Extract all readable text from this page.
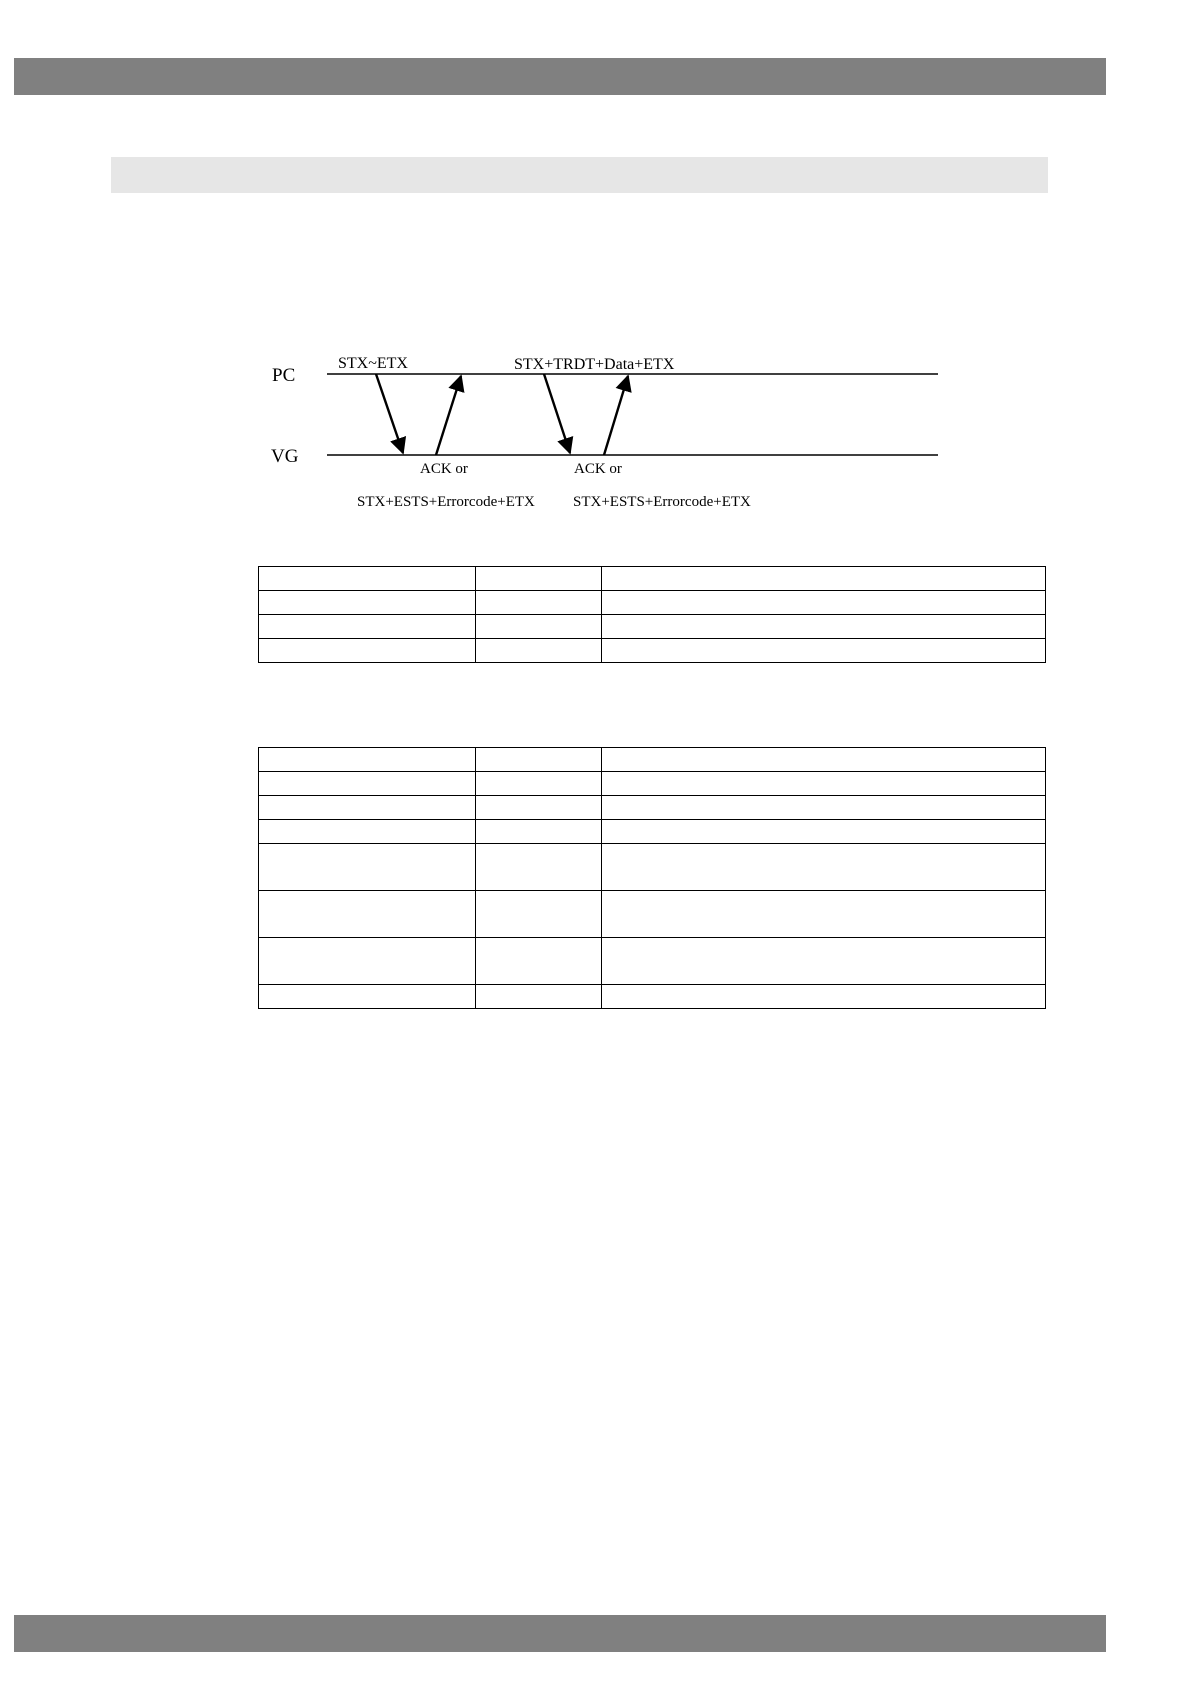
PC
VG
STX~ETX	STX+TRDT+Data+ETX
ACK or	ACK or
STX+ESTS+Errorcode+ETX	STX+ESTS+Errorcode+ETX
